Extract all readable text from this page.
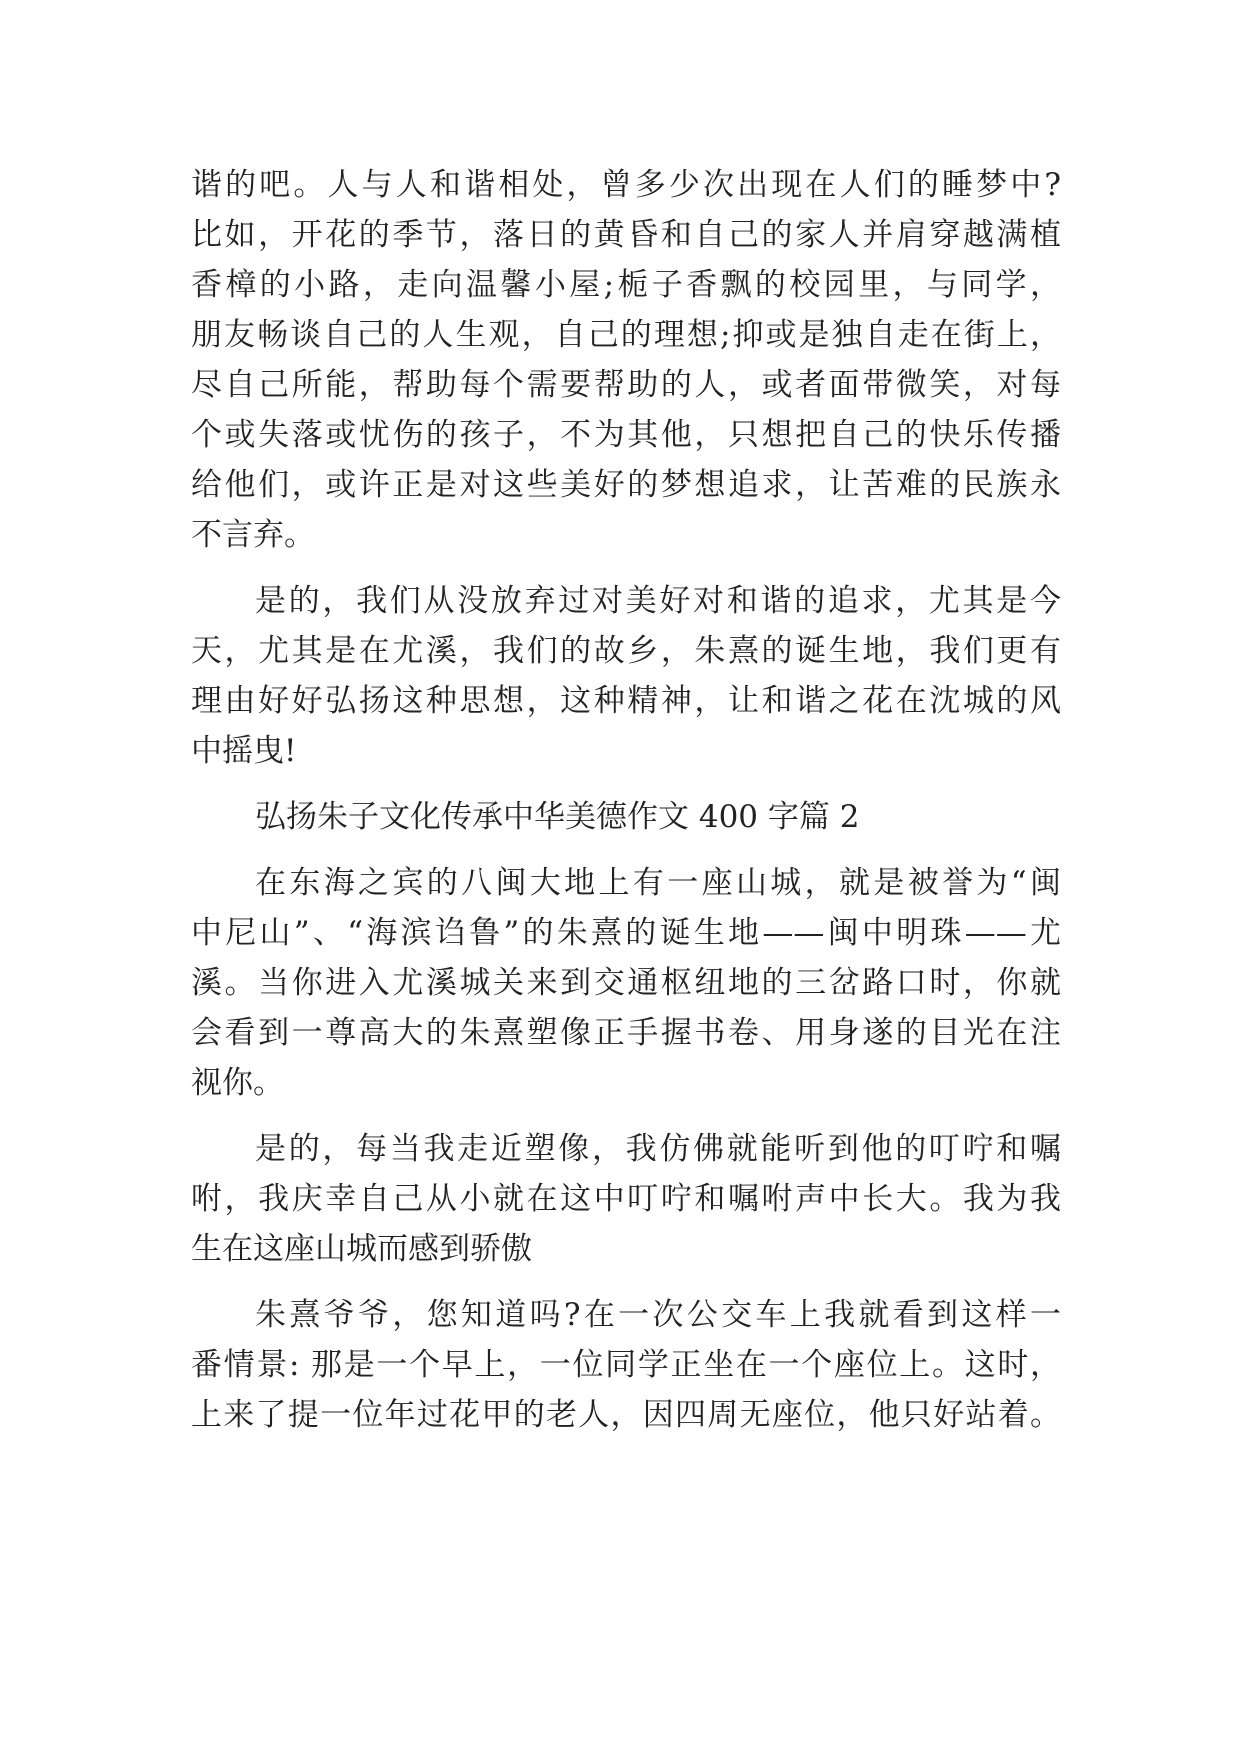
谐的吧。人与人和谐相处，曾多少次出现在人们的睡梦中?
比如，开花的季节，落日的黄昏和自己的家人并肩穿越满植
香樟的小路，走向温馨小屋;栀子香飘的校园里，与同学，
朋友畅谈自己的人生观，自己的理想;抑或是独自走在街上，
尽自己所能，帮助每个需要帮助的人，或者面带微笑，对每
个或失落或忧伤的孩子，不为其他，只想把自己的快乐传播
给他们，或许正是对这些美好的梦想追求，让苦难的民族永
不言弃。
是的，我们从没放弃过对美好对和谐的追求，尤其是今
天，尤其是在尤溪，我们的故乡，朱熹的诞生地，我们更有
理由好好弘扬这种思想，这种精神，让和谐之花在沈城的风
中摇曳!
弘扬朱子文化传承中华美德作文 400 字篇 2
在东海之宾的八闽大地上有一座山城，就是被誉为“闽
中尼山”、“海滨诌鲁”的朱熹的诞生地——闽中明珠——尤
溪。当你进入尤溪城关来到交通枢纽地的三岔路口时，你就
会看到一尊高大的朱熹塑像正手握书卷、用身遂的目光在注
视你。
是的，每当我走近塑像，我仿佛就能听到他的叮咛和嘱
咐，我庆幸自己从小就在这中叮咛和嘱咐声中长大。我为我
生在这座山城而感到骄傲
朱熹爷爷，您知道吗?在一次公交车上我就看到这样一
番情景: 那是一个早上，一位同学正坐在一个座位上。这时，
上来了提一位年过花甲的老人，因四周无座位，他只好站着。
